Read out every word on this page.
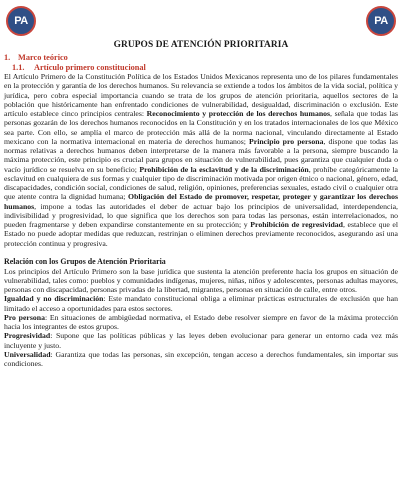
PA	PA
GRUPOS DE ATENCIÓN PRIORITARIA
1. Marco teórico
1.1. Artículo primero constitucional

El Artículo Primero de la Constitución Política de los Estados Unidos Mexicanos representa uno de los pilares fundamentales en la protección y garantía de los derechos humanos. Su relevancia se extiende a todos los ámbitos de la vida social, política y jurídica, pero cobra especial importancia cuando se trata de los grupos de atención prioritaria, aquellos sectores de la población que históricamente han enfrentado condiciones de vulnerabilidad, desigualdad, discriminación o exclusión. Este artículo establece cinco principios centrales: Reconocimiento y protección de los derechos humanos, señala que todas las personas gozarán de los derechos humanos reconocidos en la Constitución y en los tratados internacionales de los que México sea parte. Con ello, se amplía el marco de protección más allá de la norma nacional, vinculando directamente al Estado mexicano con la normativa internacional en materia de derechos humanos; Principio pro persona, dispone que todas las normas relativas a derechos humanos deben interpretarse de la manera más favorable a la persona, siempre buscando la máxima protección, este principio es crucial para grupos en situación de vulnerabilidad, pues garantiza que cualquier duda o vacío jurídico se resuelva en su beneficio; Prohibición de la esclavitud y de la discriminación, prohíbe categóricamente la esclavitud en cualquiera de sus formas y cualquier tipo de discriminación motivada por origen étnico o nacional, género, edad, discapacidades, condición social, condiciones de salud, religión, opiniones, preferencias sexuales, estado civil o cualquier otra que atente contra la dignidad humana; Obligación del Estado de promover, respetar, proteger y garantizar los derechos humanos, impone a todas las autoridades el deber de actuar bajo los principios de universalidad, interdependencia, indivisibilidad y progresividad, lo que significa que los derechos son para todas las personas, están interrelacionados, no pueden fragmentarse y deben expandirse constantemente en su protección; y Prohibición de regresividad, establece que el Estado no puede adoptar medidas que reduzcan, restrinjan o eliminen derechos previamente reconocidos, asegurando así una protección continua y progresiva.

Relación con los Grupos de Atención Prioritaria

Los principios del Artículo Primero son la base jurídica que sustenta la atención preferente hacia los grupos en situación de vulnerabilidad, tales como: pueblos y comunidades indígenas, mujeres, niñas, niños y adolescentes, personas adultas mayores, personas con discapacidad, personas privadas de la libertad, migrantes, personas en situación de calle, entre otros.

Igualdad y no discriminación: Este mandato constitucional obliga a eliminar prácticas estructurales de exclusión que han limitado el acceso a oportunidades para estos sectores.

Pro persona: En situaciones de ambigüedad normativa, el Estado debe resolver siempre en favor de la máxima protección hacia los integrantes de estos grupos.

Progresividad: Supone que las políticas públicas y las leyes deben evolucionar para generar un entorno cada vez más incluyente y justo.

Universalidad: Garantiza que todas las personas, sin excepción, tengan acceso a derechos fundamentales, sin importar sus condiciones.
